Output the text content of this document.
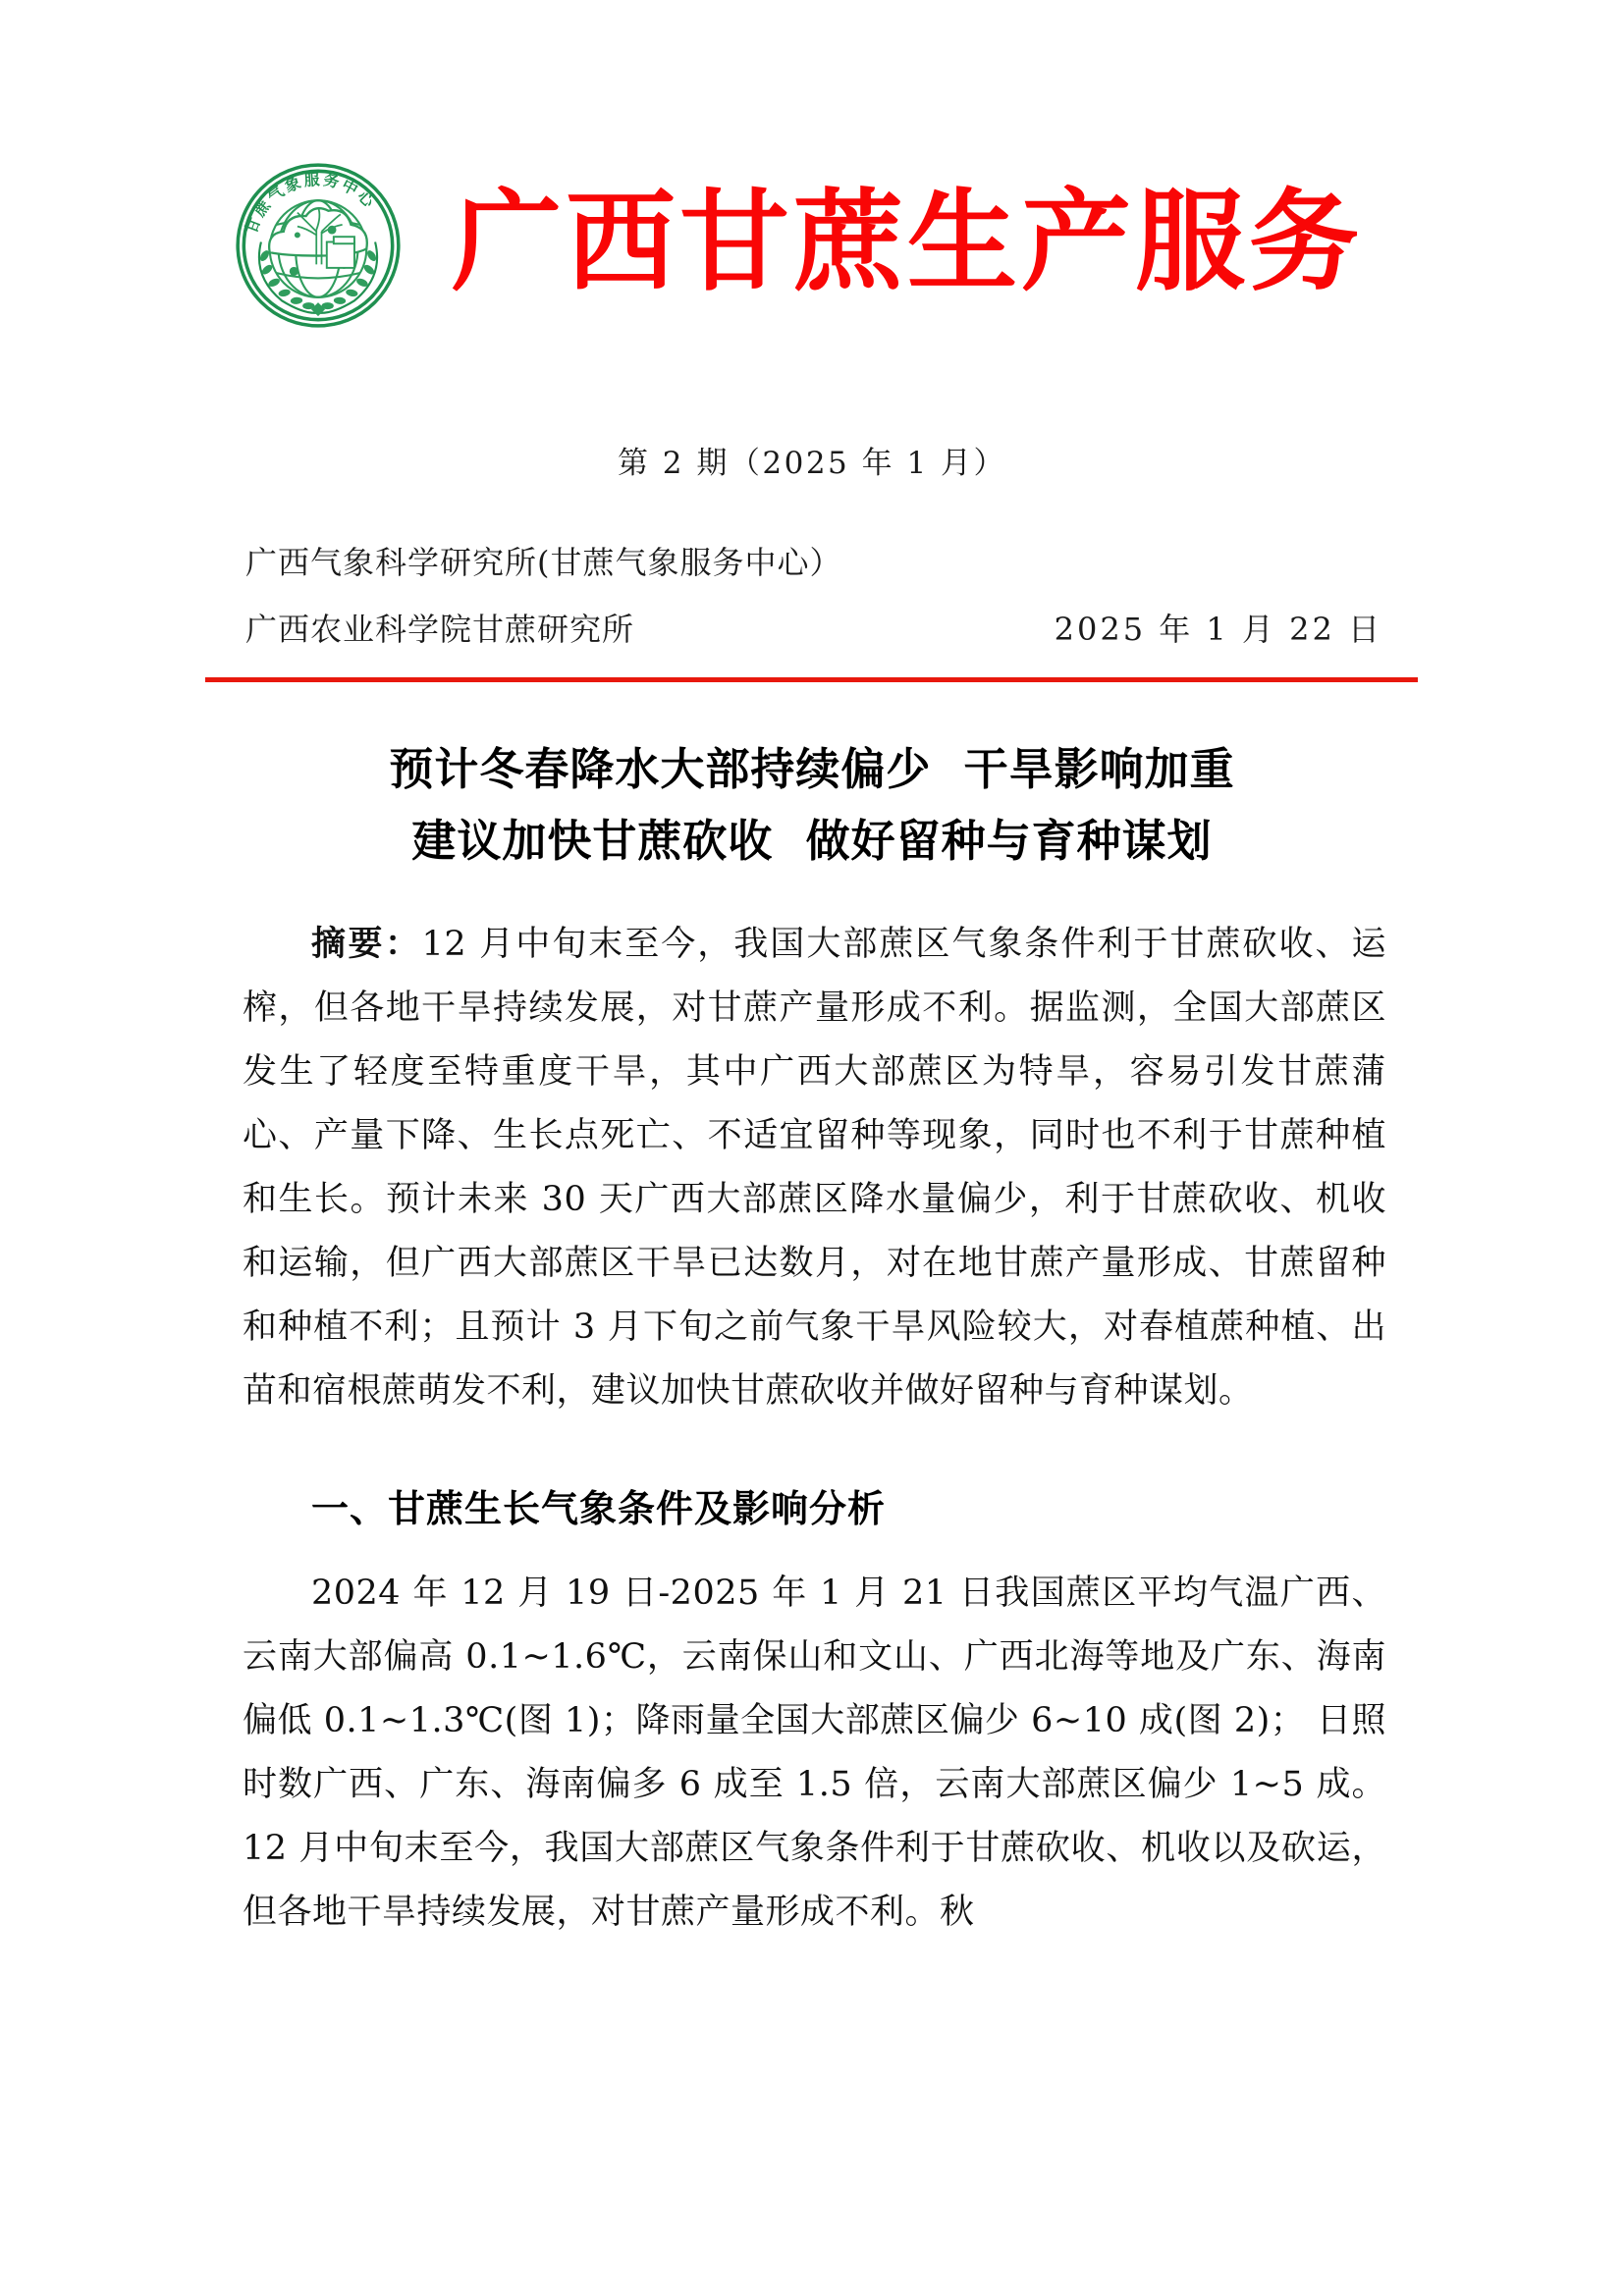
甘蔗气象服务中心 广西甘蔗生产服务
第 2 期（2025 年 1 月）
广西气象科学研究所(甘蔗气象服务中心）
广西农业科学院甘蔗研究所	2025 年 1 月 22 日
预计冬春降水大部持续偏少  干旱影响加重
建议加快甘蔗砍收  做好留种与育种谋划

摘要：12 月中旬末至今，我国大部蔗区气象条件利于甘蔗砍收、运榨，但各地干旱持续发展，对甘蔗产量形成不利。据监测，全国大部蔗区发生了轻度至特重度干旱，其中广西大部蔗区为特旱，容易引发甘蔗蒲心、产量下降、生长点死亡、不适宜留种等现象，同时也不利于甘蔗种植和生长。预计未来 30 天广西大部蔗区降水量偏少，利于甘蔗砍收、机收和运输，但广西大部蔗区干旱已达数月，对在地甘蔗产量形成、甘蔗留种和种植不利；且预计 3 月下旬之前气象干旱风险较大，对春植蔗种植、出苗和宿根蔗萌发不利，建议加快甘蔗砍收并做好留种与育种谋划。

一、甘蔗生长气象条件及影响分析

2024 年 12 月 19 日-2025 年 1 月 21 日我国蔗区平均气温广西、云南大部偏高 0.1~1.6℃，云南保山和文山、广西北海等地及广东、海南偏低 0.1~1.3℃(图 1)；降雨量全国大部蔗区偏少 6~10 成(图 2)； 日照时数广西、广东、海南偏多 6 成至 1.5 倍，云南大部蔗区偏少 1~5 成。12 月中旬末至今，我国大部蔗区气象条件利于甘蔗砍收、机收以及砍运，但各地干旱持续发展，对甘蔗产量形成不利。秋
